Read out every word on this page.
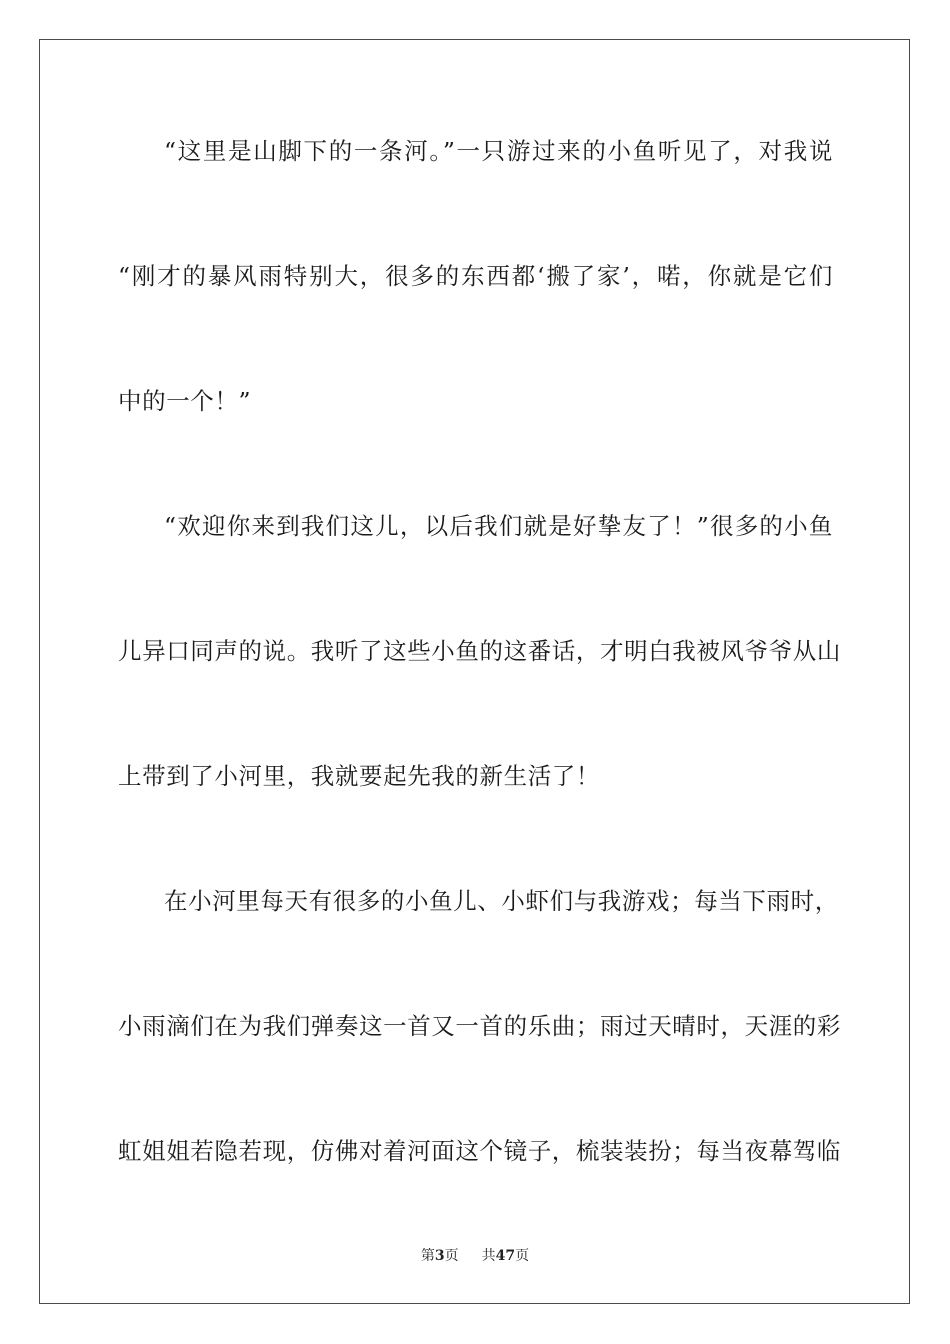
“这里是山脚下的一条河。”一只游过来的小鱼听见了，对我说
“刚才的暴风雨特别大，很多的东西都‘搬了家’，喏，你就是它们
中的一个！”
“欢迎你来到我们这儿，以后我们就是好挚友了！”很多的小鱼
儿异口同声的说。我听了这些小鱼的这番话，才明白我被风爷爷从山
上带到了小河里，我就要起先我的新生活了！
在小河里每天有很多的小鱼儿、小虾们与我游戏；每当下雨时，
小雨滴们在为我们弹奏这一首又一首的乐曲；雨过天晴时，天涯的彩
虹姐姐若隐若现，仿佛对着河面这个镜子，梳装装扮；每当夜幕驾临
第3页 共47页
